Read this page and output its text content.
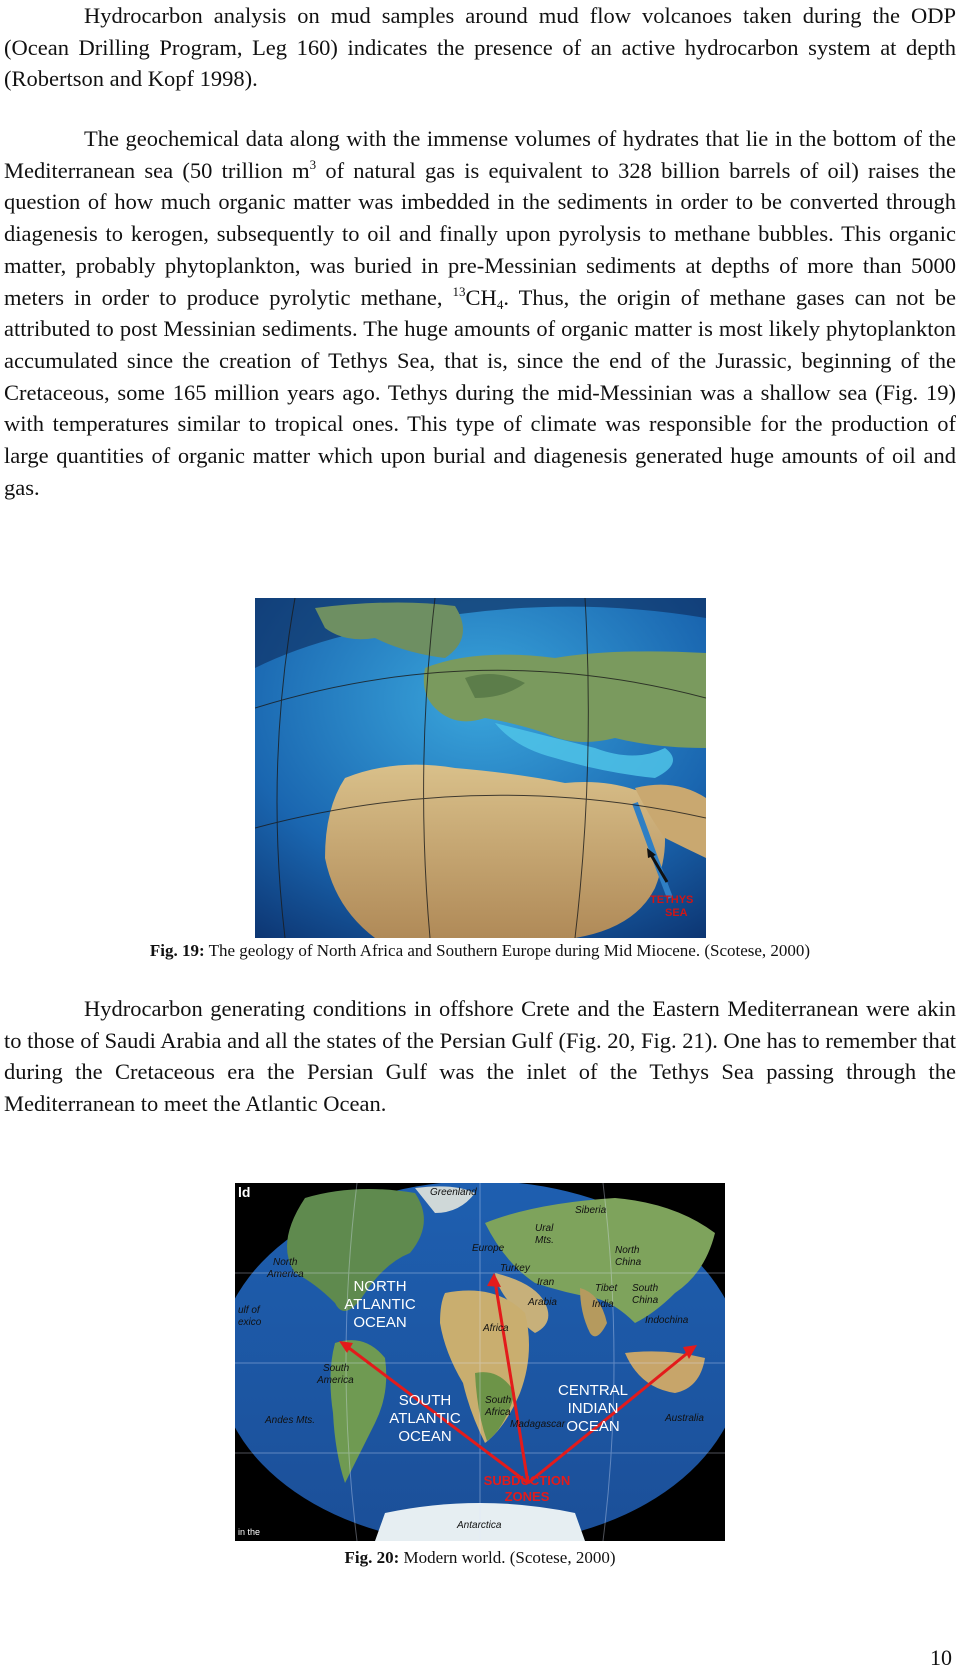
Hydrocarbon analysis on mud samples around mud flow volcanoes taken during the ODP (Ocean Drilling Program, Leg 160) indicates the presence of an active hydrocarbon system at depth (Robertson and Kopf 1998).

The geochemical data along with the immense volumes of hydrates that lie in the bottom of the Mediterranean sea (50 trillion $m^3$ of natural gas is equivalent to 328 billion barrels of oil) raises the question of how much organic matter was imbedded in the sediments in order to be converted through diagenesis to kerogen, subsequently to oil and finally upon pyrolysis to methane bubbles. This organic matter, probably phytoplankton, was buried in pre-Messinian sediments at depths of more than 5000 meters in order to produce pyrolytic methane, $^{13}CH_4$. Thus, the origin of methane gases can not be attributed to post Messinian sediments. The huge amounts of organic matter is most likely phytoplankton accumulated since the creation of Tethys Sea, that is, since the end of the Jurassic, beginning of the Cretaceous, some 165 million years ago. Tethys during the mid-Messinian was a shallow sea (Fig. 19) with temperatures similar to tropical ones. This type of climate was responsible for the production of large quantities of organic matter which upon burial and diagenesis generated huge amounts of oil and gas.

TETHYS
SEA
Fig. 19: The geology of North Africa and Southern Europe during Mid Miocene. (Scotese, 2000)

Hydrocarbon generating conditions in offshore Crete and the Eastern Mediterranean were akin to those of Saudi Arabia and all the states of the Persian Gulf (Fig. 20, Fig. 21). One has to remember that during the Cretaceous era the Persian Gulf was the inlet of the Tethys Sea passing through the Mediterranean to meet the Atlantic Ocean.

ld
in the
Greenland
Siberia
Ural
Mts.
Europe	North
China
North
America
Turkey
Iran
Tibet South
China
Arabia	India
ulf of
exico	Indochina
Africa
South
America
South
Africa
Andes Mts.	Madagascar
Australia
Antarctica
NORTH
ATLANTIC
OCEAN
SOUTH
ATLANTIC
OCEAN
CENTRAL
INDIAN
OCEAN
SUBDUCTION
ZONES
Fig. 20: Modern world. (Scotese, 2000)
10
